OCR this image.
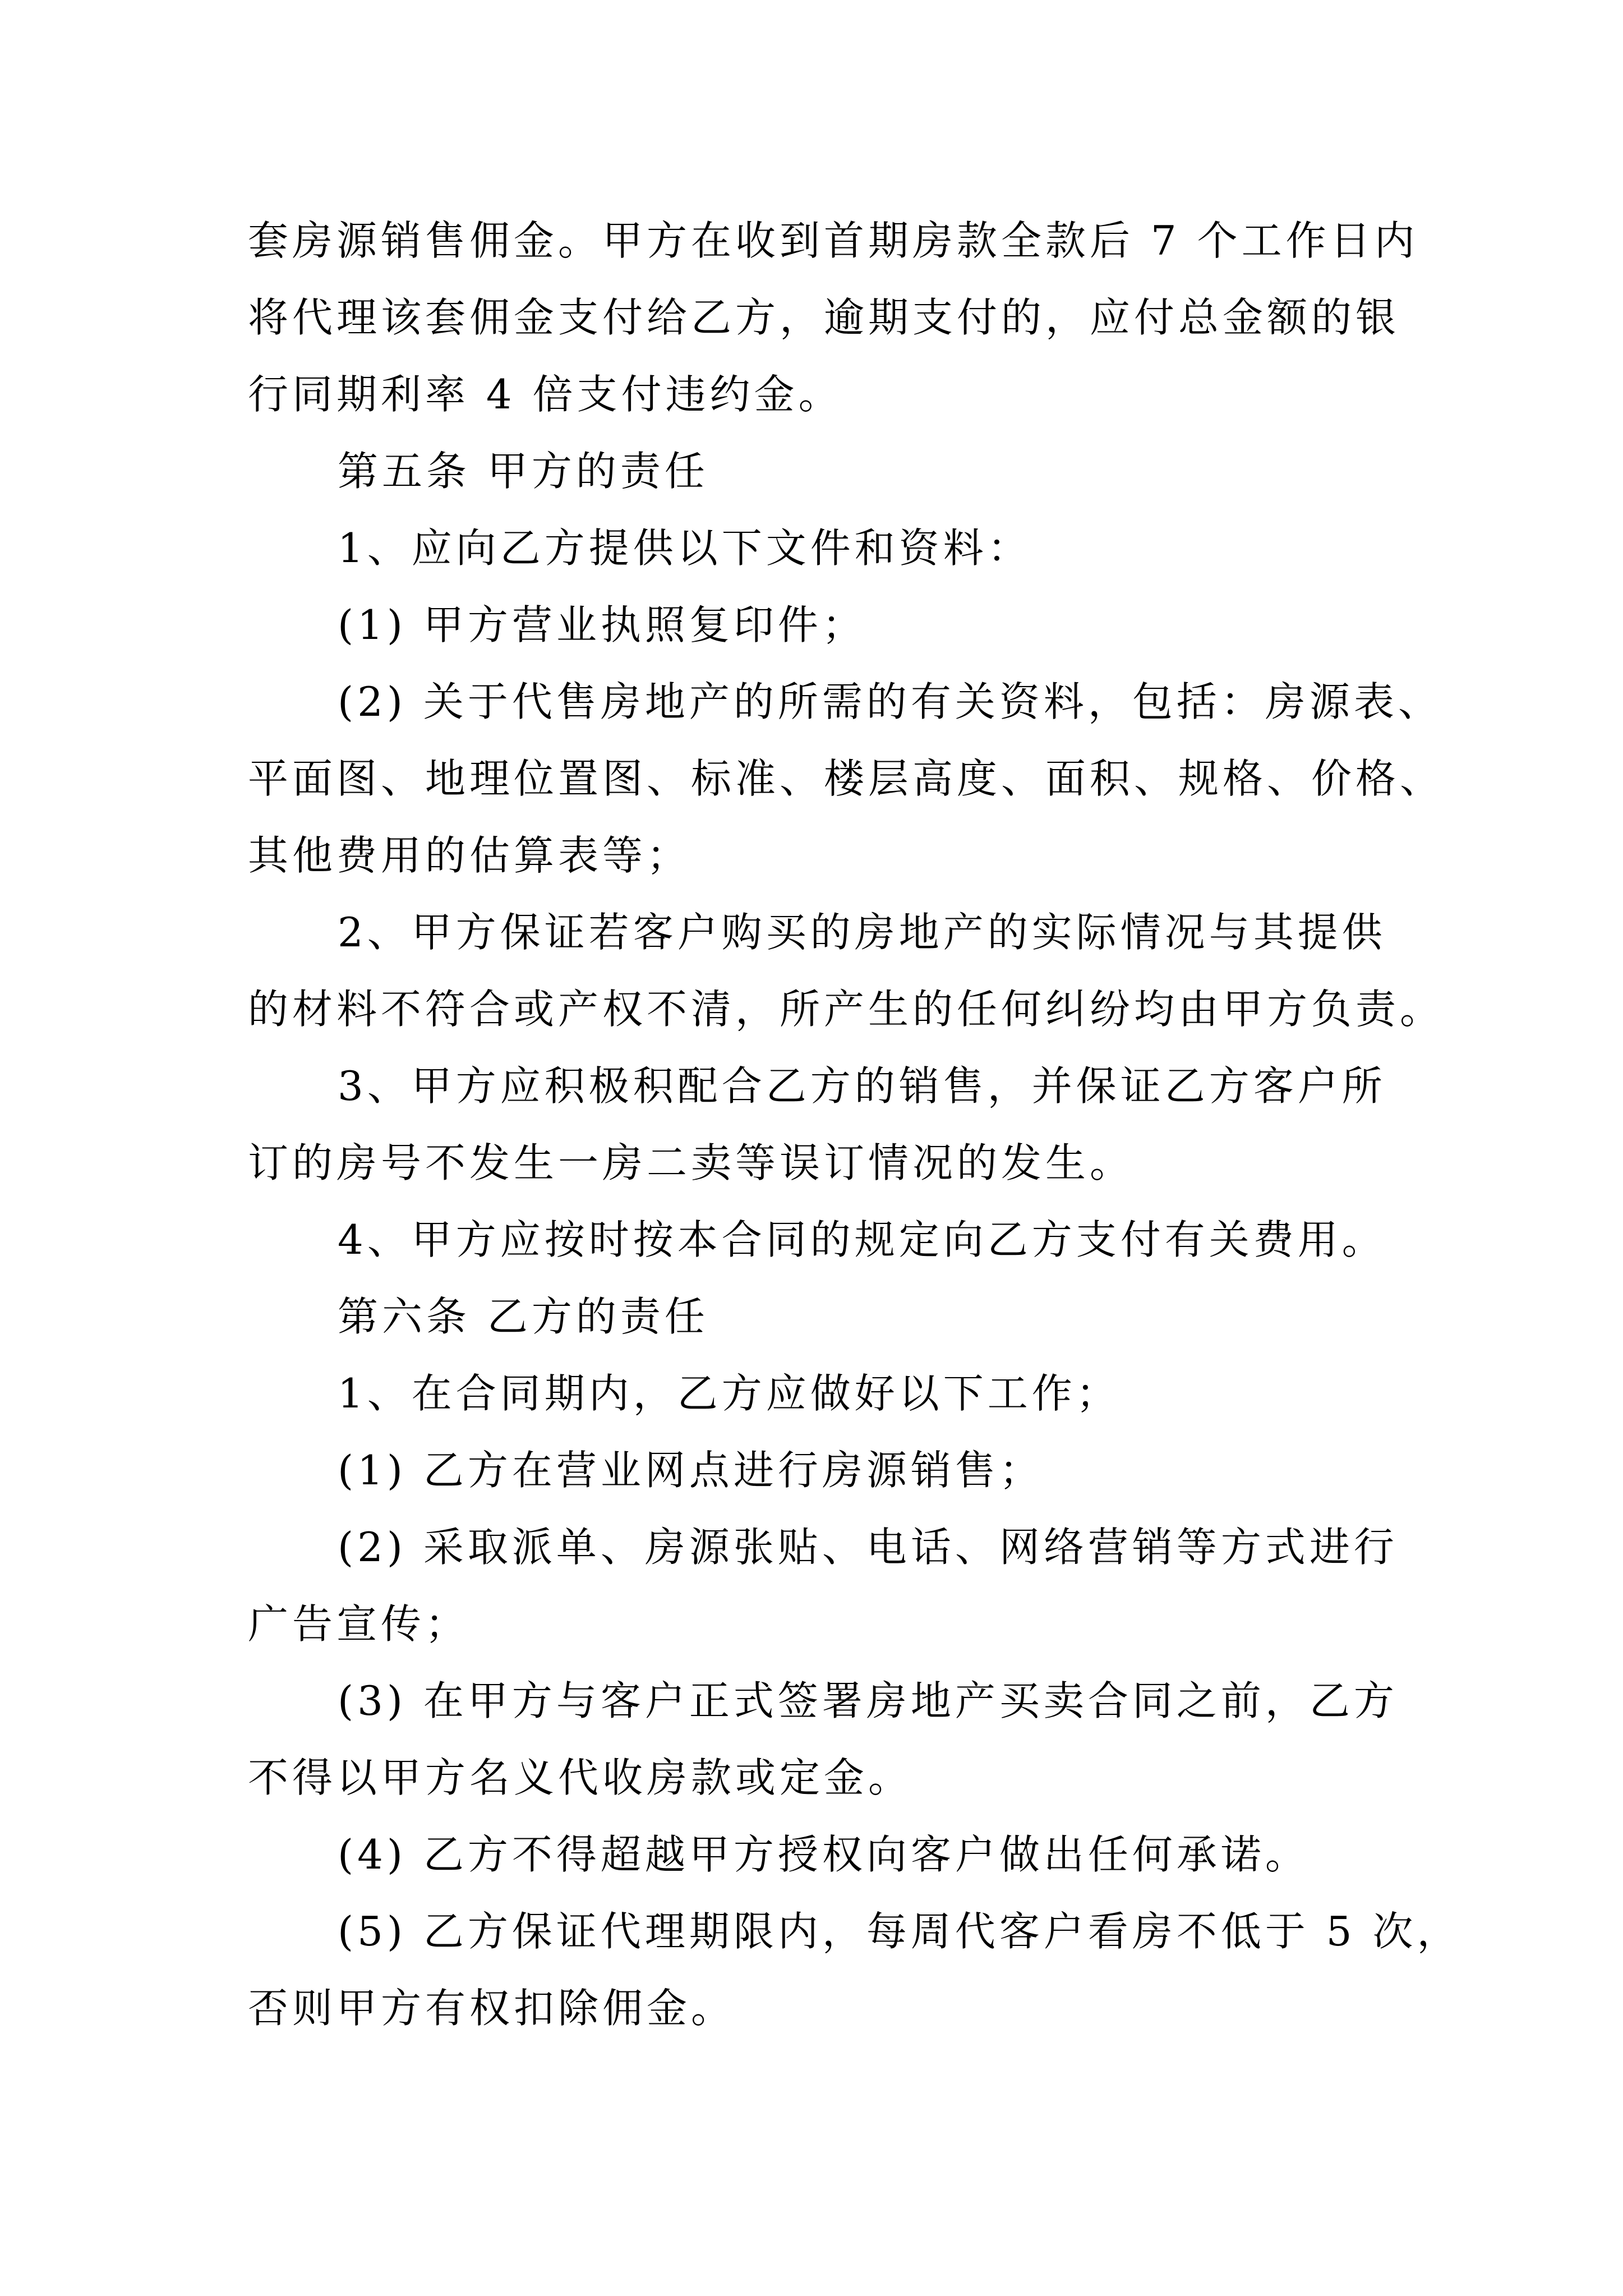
套房源销售佣金。甲方在收到首期房款全款后 7 个工作日内
将代理该套佣金支付给乙方，逾期支付的，应付总金额的银
行同期利率 4 倍支付违约金。
第五条 甲方的责任
1、应向乙方提供以下文件和资料：
(1) 甲方营业执照复印件；
(2) 关于代售房地产的所需的有关资料，包括：房源表、
平面图、地理位置图、标准、楼层高度、面积、规格、价格、
其他费用的估算表等；
2、甲方保证若客户购买的房地产的实际情况与其提供
的材料不符合或产权不清，所产生的任何纠纷均由甲方负责。
3、甲方应积极积配合乙方的销售，并保证乙方客户所
订的房号不发生一房二卖等误订情况的发生。
4、甲方应按时按本合同的规定向乙方支付有关费用。
第六条 乙方的责任
1、在合同期内，乙方应做好以下工作；
(1) 乙方在营业网点进行房源销售；
(2) 采取派单、房源张贴、电话、网络营销等方式进行
广告宣传；
(3) 在甲方与客户正式签署房地产买卖合同之前，乙方
不得以甲方名义代收房款或定金。
(4) 乙方不得超越甲方授权向客户做出任何承诺。
(5) 乙方保证代理期限内，每周代客户看房不低于 5 次，
否则甲方有权扣除佣金。
